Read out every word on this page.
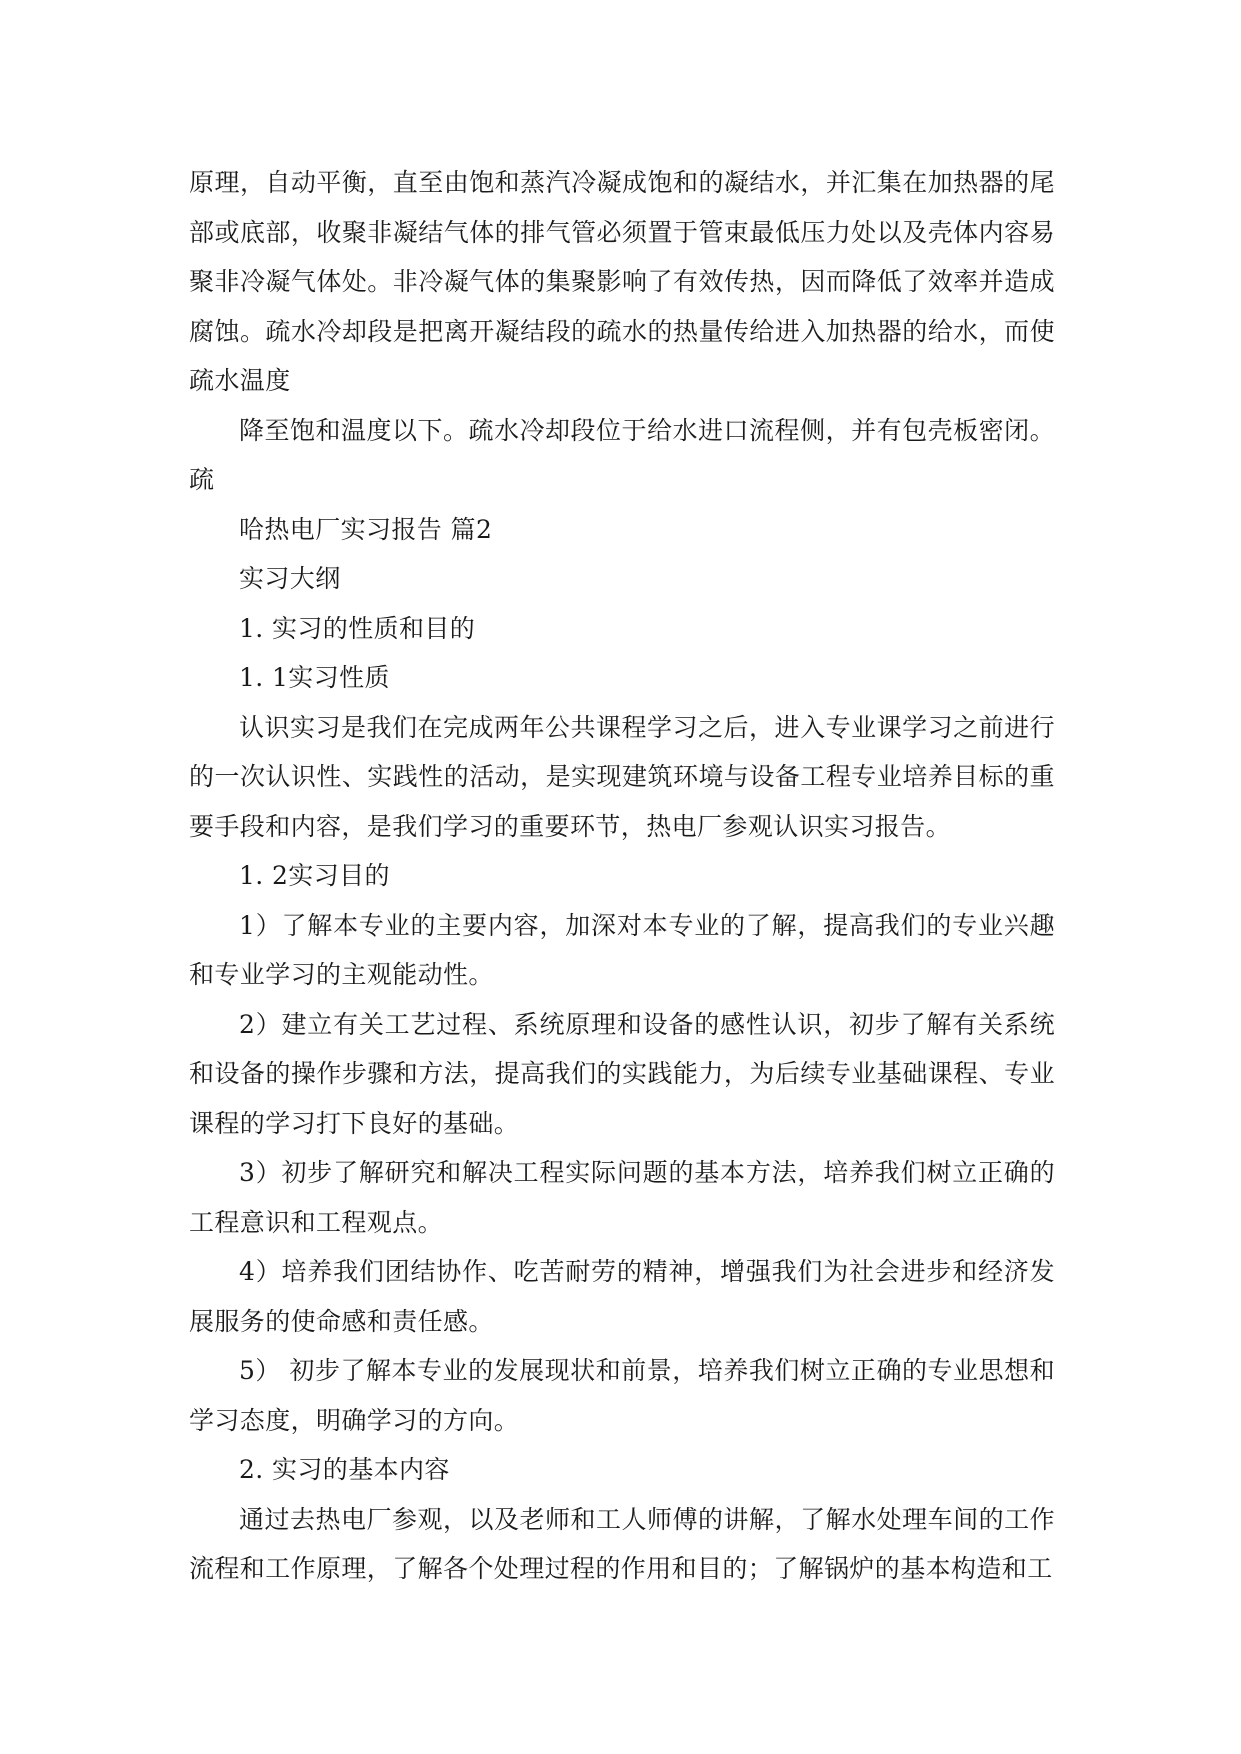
原理，自动平衡，直至由饱和蒸汽冷凝成饱和的凝结水，并汇集在加热器的尾部或底部，收聚非凝结气体的排气管必须置于管束最低压力处以及壳体内容易聚非冷凝气体处。非冷凝气体的集聚影响了有效传热，因而降低了效率并造成腐蚀。疏水冷却段是把离开凝结段的疏水的热量传给进入加热器的给水，而使疏水温度

降至饱和温度以下。疏水冷却段位于给水进口流程侧，并有包壳板密闭。疏

哈热电厂实习报告 篇2

实习大纲

1. 实习的性质和目的

1. 1实习性质

认识实习是我们在完成两年公共课程学习之后，进入专业课学习之前进行的一次认识性、实践性的活动，是实现建筑环境与设备工程专业培养目标的重要手段和内容，是我们学习的重要环节，热电厂参观认识实习报告。

1. 2实习目的

1）了解本专业的主要内容，加深对本专业的了解，提高我们的专业兴趣和专业学习的主观能动性。

2）建立有关工艺过程、系统原理和设备的感性认识，初步了解有关系统和设备的操作步骤和方法，提高我们的实践能力，为后续专业基础课程、专业课程的学习打下良好的基础。

3）初步了解研究和解决工程实际问题的基本方法，培养我们树立正确的工程意识和工程观点。

4）培养我们团结协作、吃苦耐劳的精神，增强我们为社会进步和经济发展服务的使命感和责任感。

5） 初步了解本专业的发展现状和前景，培养我们树立正确的专业思想和学习态度，明确学习的方向。

2. 实习的基本内容

通过去热电厂参观，以及老师和工人师傅的讲解，了解水处理车间的工作流程和工作原理，了解各个处理过程的作用和目的；了解锅炉的基本构造和工
